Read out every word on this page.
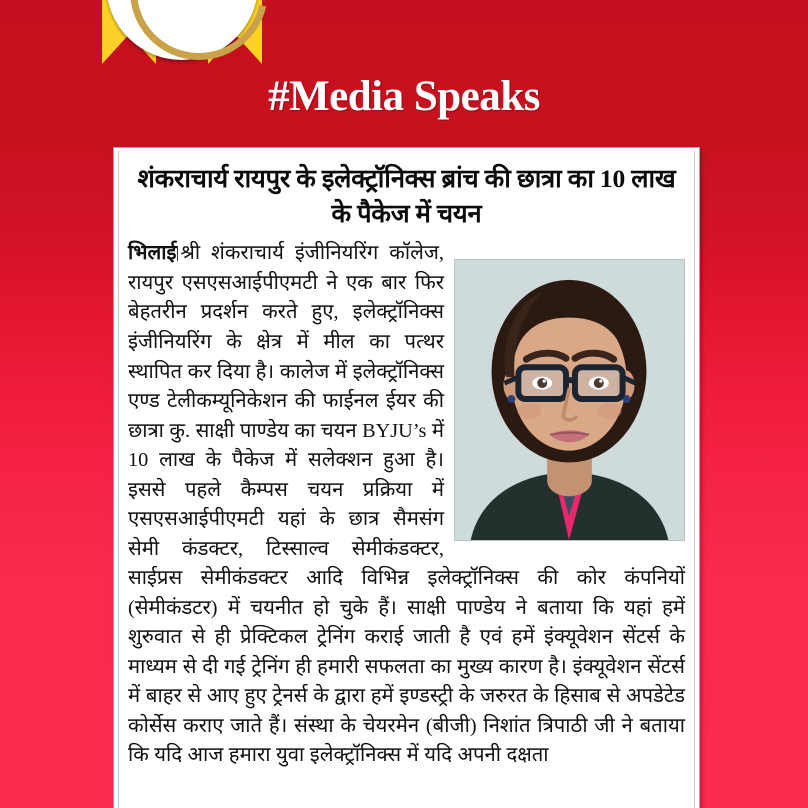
#Media Speaks
शंकराचार्य रायपुर के इलेक्ट्रॉनिक्स ब्रांच की छात्रा का 10 लाख के पैकेज में चयन

भिलाई श्री शंकराचार्य इंजीनियरिंग कॉलेज, रायपुर एसएसआईपीएमटी ने एक बार फिर बेहतरीन प्रदर्शन करते हुए, इलेक्ट्रॉनिक्स इंजीनियरिंग के क्षेत्र में मील का पत्थर स्थापित कर दिया है। कालेज में इलेक्ट्रॉनिक्स एण्ड टेलीकम्यूनिकेशन की फाईनल ईयर की छात्रा कु. साक्षी पाण्डेय का चयन BYJU’s में 10 लाख के पैकेज में सलेक्शन हुआ है। इससे पहले कैम्पस चयन प्रक्रिया में एसएसआईपीएमटी यहां के छात्र सैमसंग सेमी कंडक्टर, टिस्साल्व सेमीकंडक्टर, साईप्रस सेमीकंडक्टर आदि विभिन्न इलेक्ट्रॉनिक्स की कोर कंपनियों (सेमीकंडटर) में चयनीत हो चुके हैं। साक्षी पाण्डेय ने बताया कि यहां हमें शुरुवात से ही प्रेक्टिकल ट्रेनिंग कराई जाती है एवं हमें इंक्यूवेशन सेंटर्स के माध्यम से दी गई ट्रेनिंग ही हमारी सफलता का मुख्य कारण है। इंक्यूवेशन सेंटर्स में बाहर से आए हुए ट्रेनर्स के द्वारा हमें इण्डस्ट्री के जरुरत के हिसाब से अपडेटेड कोर्सेस कराए जाते हैं। संस्था के चेयरमेन (बीजी) निशांत त्रिपाठी जी ने बताया कि यदि आज हमारा युवा इलेक्ट्रॉनिक्स में यदि अपनी दक्षता
